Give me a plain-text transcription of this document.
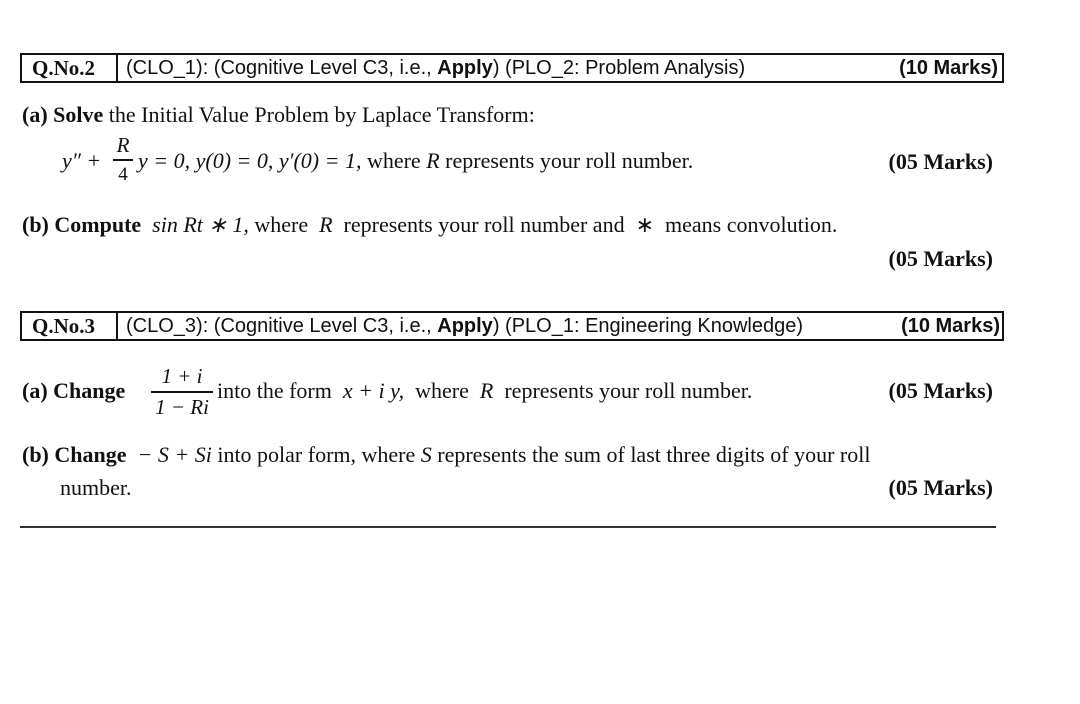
Q.No.2	(CLO_1): (Cognitive Level C3, i.e., Apply) (PLO_2: Problem Analysis)	(10 Marks)
(a) Solve the Initial Value Problem by Laplace Transform:
y″ +
R
4
y = 0, y(0) = 0, y′(0) = 1, where R represents your roll number.	(05 Marks)
(b) Compute sin Rt ∗ 1, where R represents your roll number and ∗ means convolution.
(05 Marks)
Q.No.3	(CLO_3): (Cognitive Level C3, i.e., Apply) (PLO_1: Engineering Knowledge)	(10 Marks)
(a) Change
1 + i
1 − Ri
into the form x + i y, where R represents your roll number.	(05 Marks)
(b) Change − S + Si into polar form, where S represents the sum of last three digits of your roll
number.	(05 Marks)
